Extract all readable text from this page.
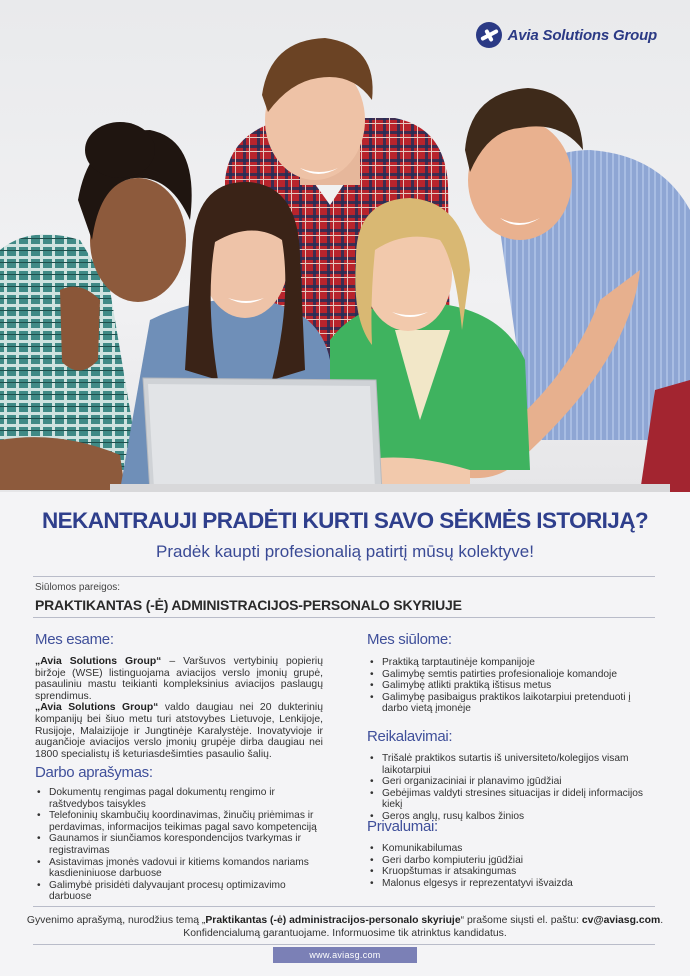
Avia Solutions Group
NEKANTRAUJI PRADĖTI KURTI SAVO SĖKMĖS ISTORIJĄ?
Pradėk kaupti profesionalią patirtį mūsų kolektyve!
Siūlomos pareigos:
PRAKTIKANTAS (-Ė) ADMINISTRACIJOS-PERSONALO SKYRIUJE
Mes esame:
„Avia Solutions Group“ – Varšuvos vertybinių popierių biržoje (WSE) listinguojama aviacijos verslo įmonių grupė, pasauliniu mastu teikianti kompleksinius aviacijos paslaugų sprendimus.
„Avia Solutions Group“ valdo daugiau nei 20 dukterinių kompanijų bei šiuo metu turi atstovybes Lietuvoje, Lenkijoje, Rusijoje, Malaizijoje ir Jungtinėje Karalystėje. Inovatyvioje ir augančioje aviacijos verslo įmonių grupėje dirba daugiau nei 1800 specialistų iš keturiasdešimties pasaulio šalių.
Darbo aprašymas:
• Dokumentų rengimas pagal dokumentų rengimo ir raštvedybos taisykles
• Telefoninių skambučių koordinavimas, žinučių priėmimas ir perdavimas, informacijos teikimas pagal savo kompetenciją
• Gaunamos ir siunčiamos korespondencijos tvarkymas ir registravimas
• Asistavimas įmonės vadovui ir kitiems komandos nariams kasdieniniuose darbuose
• Galimybė prisidėti dalyvaujant procesų optimizavimo darbuose
Mes siūlome:
• Praktiką tarptautinėje kompanijoje
• Galimybę semtis patirties profesionalioje komandoje
• Galimybę atlikti praktiką ištisus metus
• Galimybę pasibaigus praktikos laikotarpiui pretenduoti į darbo vietą įmonėje
Reikalavimai:
• Trišalė praktikos sutartis iš universiteto/kolegijos visam laikotarpiui
• Geri organizaciniai ir planavimo įgūdžiai
• Gebėjimas valdyti stresines situacijas ir didelį informacijos kiekį
• Geros anglų, rusų kalbos žinios
Privalumai:
• Komunikabilumas
• Geri darbo kompiuteriu įgūdžiai
• Kruopštumas ir atsakingumas
• Malonus elgesys ir reprezentatyvi išvaizda
Gyvenimo aprašymą, nurodžius temą „Praktikantas (-ė) administracijos-personalo skyriuje“ prašome siųsti el. paštu: cv@aviasg.com.
Konfidencialumą garantuojame. Informuosime tik atrinktus kandidatus.
www.aviasg.com
